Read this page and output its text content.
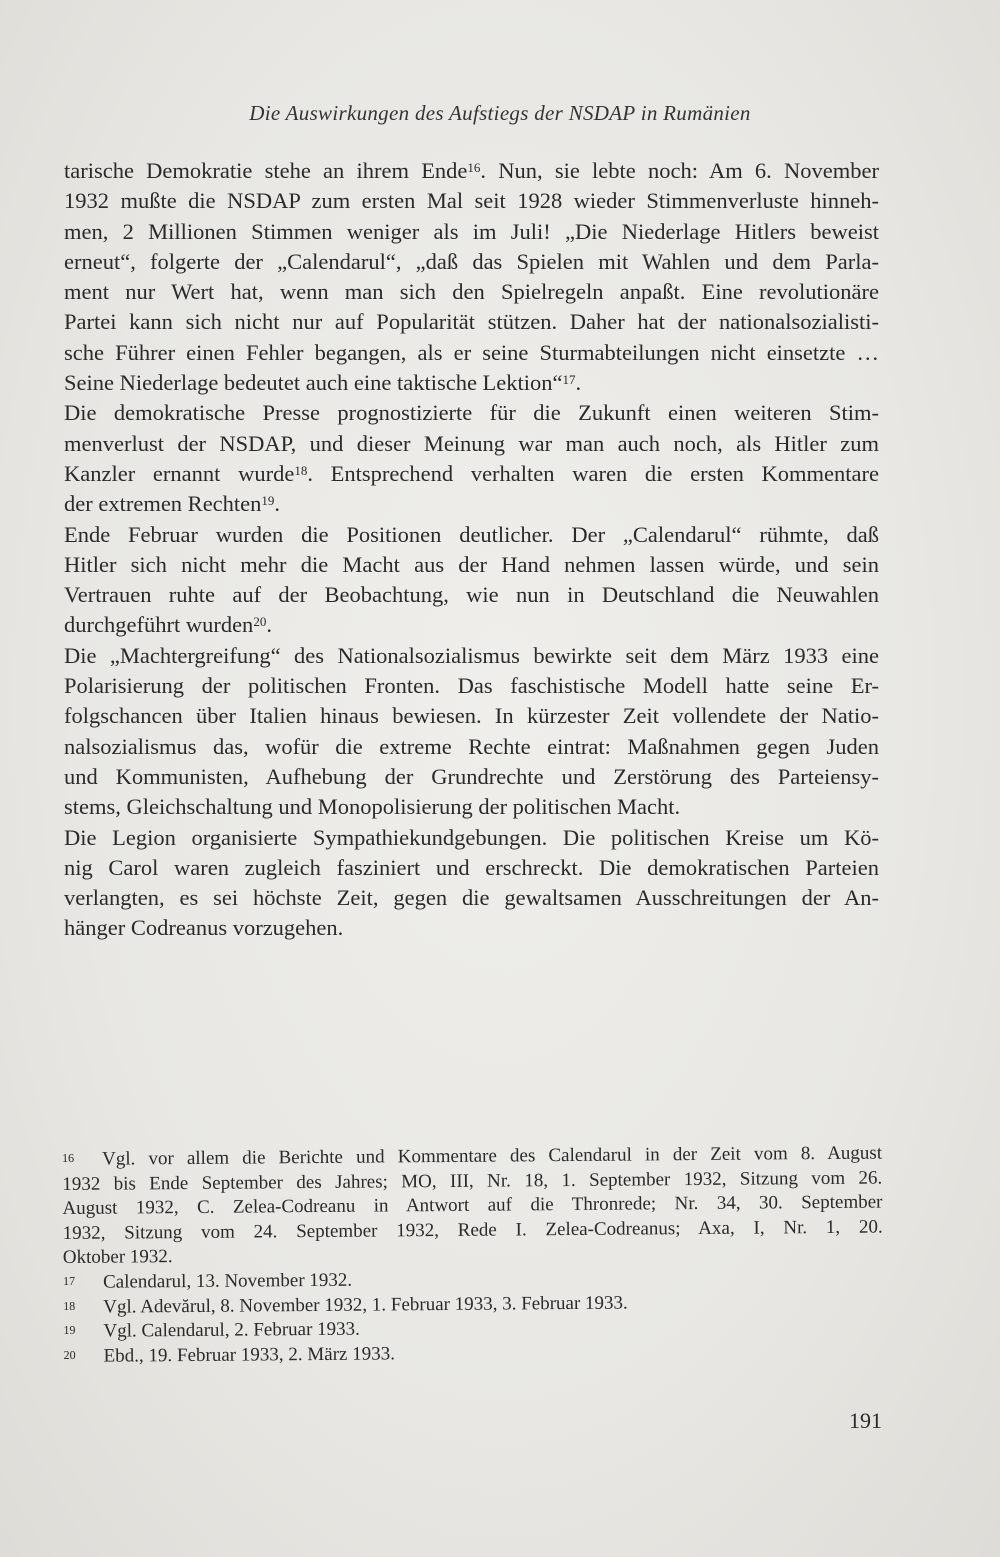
Die Auswirkungen des Aufstiegs der NSDAP in Rumänien
tarische Demokratie stehe an ihrem Ende$^{16}$. Nun, sie lebte noch: Am 6. November
1932 mußte die NSDAP zum ersten Mal seit 1928 wieder Stimmenverluste hinneh-
men, 2 Millionen Stimmen weniger als im Juli! „Die Niederlage Hitlers beweist
erneut“, folgerte der „Calendarul“, „daß das Spielen mit Wahlen und dem Parla-
ment nur Wert hat, wenn man sich den Spielregeln anpaßt. Eine revolutionäre
Partei kann sich nicht nur auf Popularität stützen. Daher hat der nationalsozialisti-
sche Führer einen Fehler begangen, als er seine Sturmabteilungen nicht einsetzte …
Seine Niederlage bedeutet auch eine taktische Lektion“$^{17}$.
Die demokratische Presse prognostizierte für die Zukunft einen weiteren Stim-
menverlust der NSDAP, und dieser Meinung war man auch noch, als Hitler zum
Kanzler ernannt wurde$^{18}$. Entsprechend verhalten waren die ersten Kommentare
der extremen Rechten$^{19}$.
Ende Februar wurden die Positionen deutlicher. Der „Calendarul“ rühmte, daß
Hitler sich nicht mehr die Macht aus der Hand nehmen lassen würde, und sein
Vertrauen ruhte auf der Beobachtung, wie nun in Deutschland die Neuwahlen
durchgeführt wurden$^{20}$.
Die „Machtergreifung“ des Nationalsozialismus bewirkte seit dem März 1933 eine
Polarisierung der politischen Fronten. Das faschistische Modell hatte seine Er-
folgschancen über Italien hinaus bewiesen. In kürzester Zeit vollendete der Natio-
nalsozialismus das, wofür die extreme Rechte eintrat: Maßnahmen gegen Juden
und Kommunisten, Aufhebung der Grundrechte und Zerstörung des Parteiensy-
stems, Gleichschaltung und Monopolisierung der politischen Macht.
Die Legion organisierte Sympathiekundgebungen. Die politischen Kreise um Kö-
nig Carol waren zugleich fasziniert und erschreckt. Die demokratischen Parteien
verlangten, es sei höchste Zeit, gegen die gewaltsamen Ausschreitungen der An-
hänger Codreanus vorzugehen.
16 Vgl. vor allem die Berichte und Kommentare des Calendarul in der Zeit vom 8. August
1932 bis Ende September des Jahres; MO, III, Nr. 18, 1. September 1932, Sitzung vom 26.
August 1932, C. Zelea-Codreanu in Antwort auf die Thronrede; Nr. 34, 30. September
1932, Sitzung vom 24. September 1932, Rede I. Zelea-Codreanus; Axa, I, Nr. 1, 20.
Oktober 1932.
17 Calendarul, 13. November 1932.
18 Vgl. Adevărul, 8. November 1932, 1. Februar 1933, 3. Februar 1933.
19 Vgl. Calendarul, 2. Februar 1933.
20 Ebd., 19. Februar 1933, 2. März 1933.
191
